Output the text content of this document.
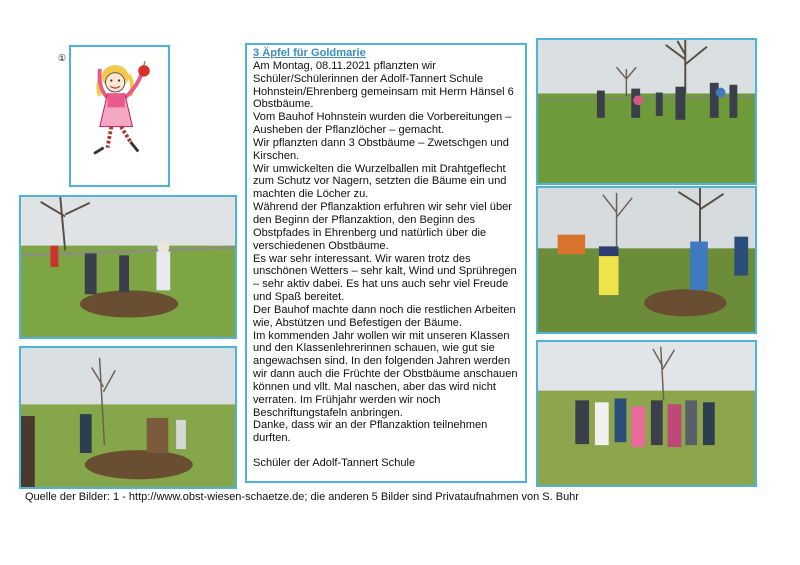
①	3 Äpfel für Goldmarie

Am Montag, 08.11.2021 pflanzten wir Schüler/Schülerinnen der Adolf-Tannert Schule Hohnstein/Ehrenberg gemeinsam mit Herrn Hänsel 6 Obstbäume.

Vom Bauhof Hohnstein wurden die Vorbereitungen – Ausheben der Pflanzlöcher – gemacht.

Wir pflanzten dann 3 Obstbäume – Zwetschgen und Kirschen.

Wir umwickelten die Wurzelballen mit Drahtgeflecht zum Schutz vor Nagern, setzten die Bäume ein und machten die Löcher zu.

Während der Pflanzaktion erfuhren wir sehr viel über den Beginn der Pflanzaktion, den Beginn des Obstpfades in Ehrenberg und natürlich über die verschiedenen Obstbäume.

Es war sehr interessant. Wir waren trotz des unschönen Wetters – sehr kalt, Wind und Sprühregen – sehr aktiv dabei. Es hat uns auch sehr viel Freude und Spaß bereitet.

Der Bauhof machte dann noch die restlichen Arbeiten wie, Abstützen und Befestigen der Bäume.

Im kommenden Jahr wollen wir mit unseren Klassen und den Klassenlehrerinnen schauen, wie gut sie angewachsen sind. In den folgenden Jahren werden wir dann auch die Früchte der Obstbäume anschauen können und vllt. Mal naschen, aber das wird nicht verraten. Im Frühjahr werden wir noch Beschriftungstafeln anbringen.

Danke, dass wir an der Pflanzaktion teilnehmen durften.

Schüler der Adolf-Tannert Schule

Quelle der Bilder: 1 - http://www.obst-wiesen-schaetze.de; die anderen 5 Bilder sind Privataufnahmen von S. Buhr
